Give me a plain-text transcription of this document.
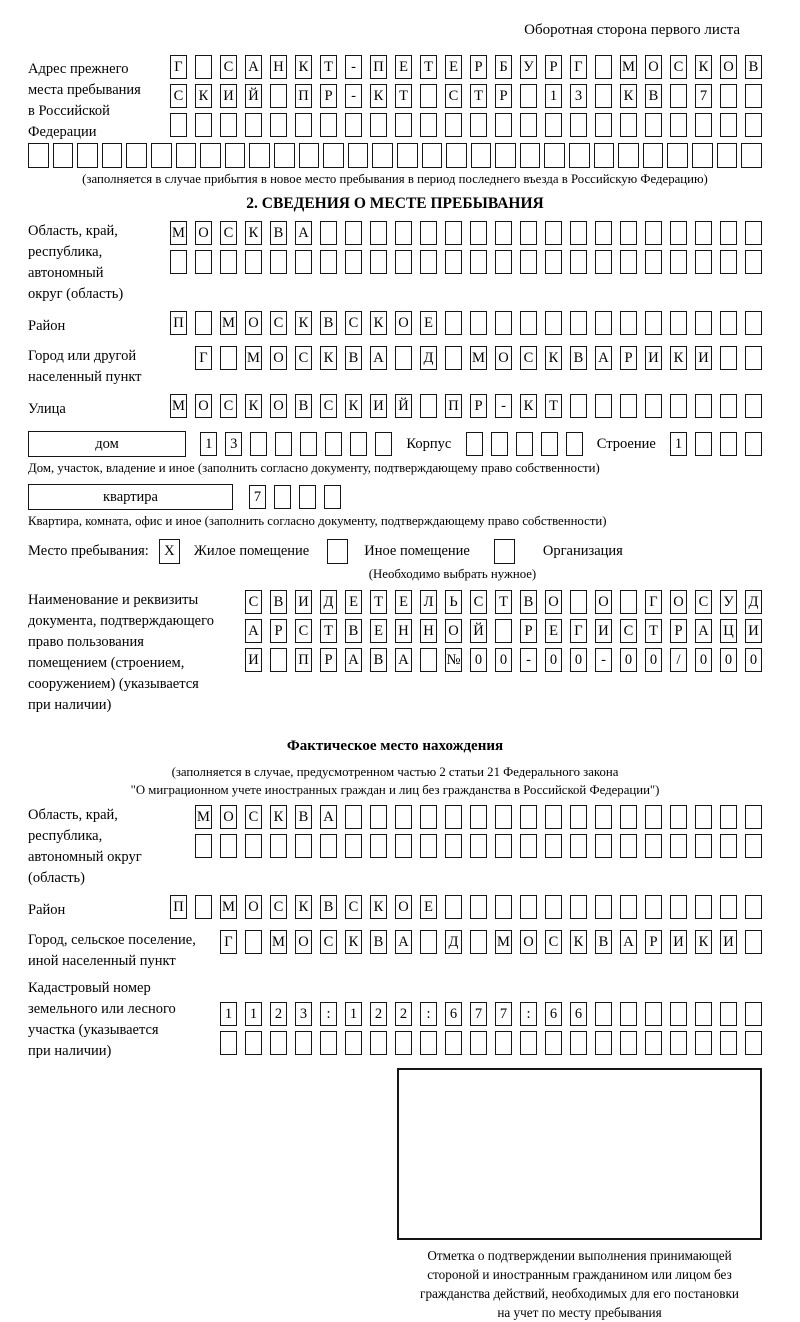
Оборотная сторона первого листа
Адрес прежнего
места пребывания
в Российской
Федерации
Г	С А Н К Т	-	П Е Т Е	Р	Б У	Р	Г	М О С К О В
С К И Й	П	Р	-	К Т	С Т	Р	1	3	К В	7
(заполняется в случае прибытия в новое место пребывания в период последнего въезда в Российскую Федерацию)
2. СВЕДЕНИЯ О МЕСТЕ ПРЕБЫВАНИЯ
Область, край,
республика,
автономный
округ (область)
М О С К В А
Район	П	М О С К В С К О Е
Город или другой
населенный пункт
Г	М О С К В А	Д	М О С К В А	Р	И К И
Улица	М О С К О В С К И Й	П	Р	-	К Т
дом	1	3	Корпус	Строение	1
Дом, участок, владение и иное (заполнить согласно документу, подтверждающему право собственности)
квартира	7
Квартира, комната, офис и иное (заполнить согласно документу, подтверждающему право собственности)
Место пребывания:	X	Жилое помещение	Иное помещение	Организация
(Необходимо выбрать нужное)
Наименование и реквизиты
документа, подтверждающего
право пользования
помещением (строением,
сооружением) (указывается
при наличии)
С В И Д Е Т Е Л Ь С Т В О	О	Г О С У Д
А	Р	С Т В Е Н Н О Й	Р	Е Г И С Т	Р	А Ц И
И	П	Р	А В А	№ 0	0	-	0	0	-	0	0	/	0	0	0
Фактическое место нахождения
(заполняется в случае, предусмотренном частью 2 статьи 21 Федерального закона
"О миграционном учете иностранных граждан и лиц без гражданства в Российской Федерации")
Область, край,
республика,
автономный округ
(область)
М О С К В А
Район	П	М О С К В С К О Е
Город, сельское поселение,
иной населенный пункт
Г	М О С К В А	Д	М О С К В А	Р	И К И
Кадастровый номер
земельного или лесного
участка (указывается
при наличии)
1	1	2	3	:	1	2	2	:	6	7	7	:	6	6
Отметка о подтверждении выполнения принимающей
стороной и иностранным гражданином или лицом без
гражданства действий, необходимых для его постановки
на учет по месту пребывания
